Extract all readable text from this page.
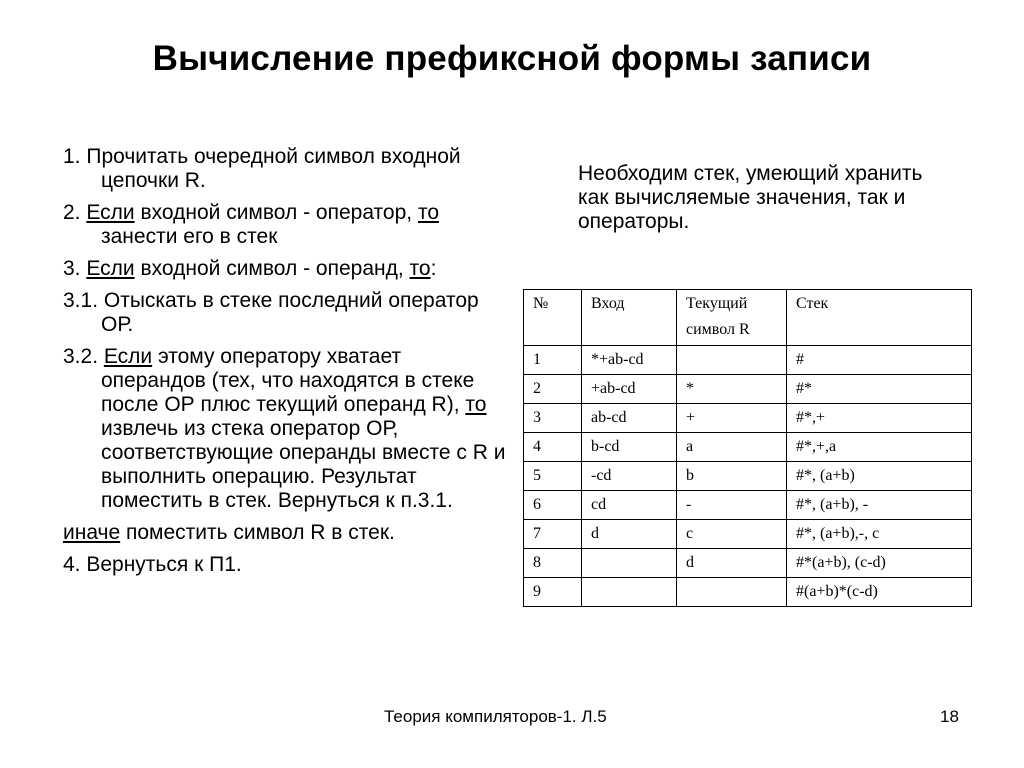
Вычисление префиксной формы записи
1. Прочитать очередной символ входной цепочки R.
2. Если входной символ - оператор, то занести его в стек
3. Если входной символ - операнд, то:
3.1. Отыскать в стеке последний оператор ОР.
3.2. Если этому оператору хватает операндов (тех, что находятся в стеке после ОР плюс текущий операнд R), то извлечь из стека оператор ОР, соответствующие операнды вместе с R и выполнить операцию. Результат поместить в стек. Вернуться к п.3.1.
иначе поместить символ R в стек.
4. Вернуться к П1.
Необходим стек, умеющий хранить как вычисляемые значения, так и операторы.
№	Вход	Текущий символ R	Стек
1	*+ab-cd		#
2	+ab-cd	*	#*
3	ab-cd	+	#*,+
4	b-cd	a	#*,+,a
5	-cd	b	#*, (a+b)
6	cd	-	#*, (a+b), -
7	d	c	#*, (a+b),-, c
8		d	#*(a+b), (c-d)
9			#(a+b)*(c-d)
Теория компиляторов-1. Л.5	18
